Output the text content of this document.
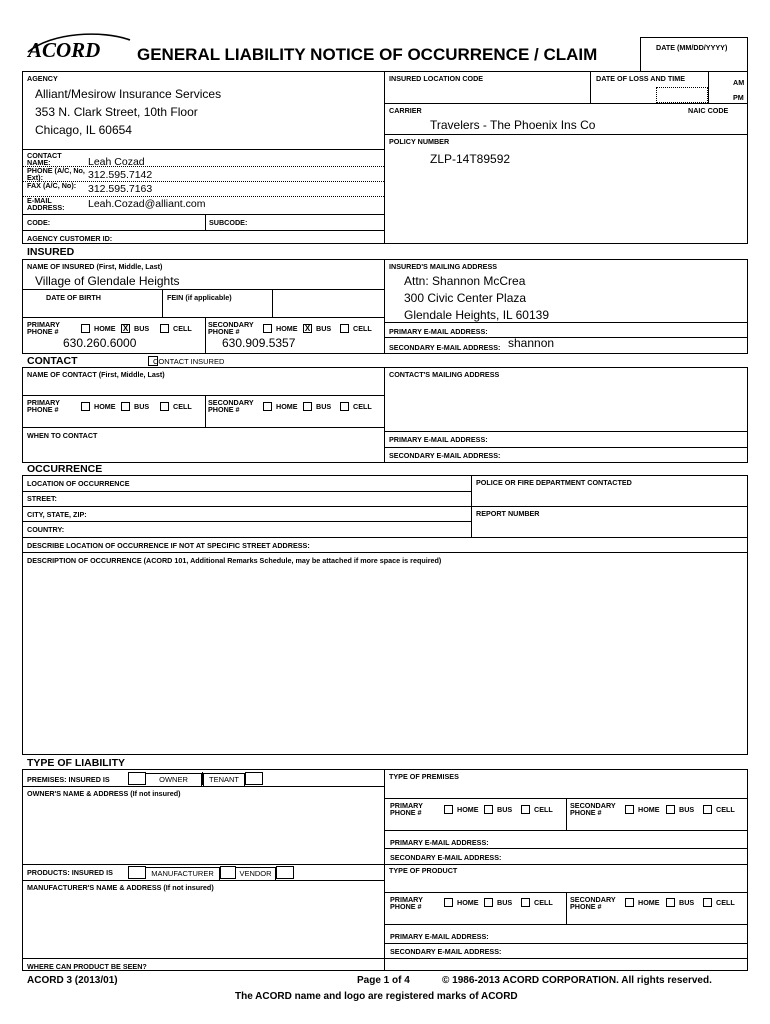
ACORD GENERAL LIABILITY NOTICE OF OCCURRENCE / CLAIM	DATE (MM/DD/YYYY)
AGENCY
Alliant/Mesirow Insurance Services
353 N. Clark Street, 10th Floor
Chicago, IL 60654
CONTACT NAME:	Leah Cozad
PHONE (A/C, No, Ext):	312.595.7142
FAX (A/C, No):	312.595.7163
E-MAIL ADDRESS:	Leah.Cozad@alliant.com
CODE:	SUBCODE:
AGENCY CUSTOMER ID:
INSURED LOCATION CODE	DATE OF LOSS AND TIME	AM
PM
CARRIER	NAIC CODE
Travelers - The Phoenix Ins Co
POLICY NUMBER
ZLP-14T89592
INSURED
NAME OF INSURED (First, Middle, Last)
Village of Glendale Heights
DATE OF BIRTH	FEIN (if applicable)
PRIMARY PHONE #	HOME X BUS	CELL SECONDARY PHONE #	HOME X BUS	CELL
630.260.6000	630.909.5357
INSURED'S MAILING ADDRESS
Attn: Shannon McCrea
300 Civic Center Plaza
Glendale Heights, IL 60139
PRIMARY E-MAIL ADDRESS:
SECONDARY E-MAIL ADDRESS: shannon
CONTACT	CONTACT INSURED
NAME OF CONTACT (First, Middle, Last)
PRIMARY PHONE #	HOME	BUS	CELL SECONDARY PHONE #	HOME	BUS	CELL
WHEN TO CONTACT
CONTACT'S MAILING ADDRESS
PRIMARY E-MAIL ADDRESS:
SECONDARY E-MAIL ADDRESS:
OCCURRENCE
LOCATION OF OCCURRENCE	POLICE OR FIRE DEPARTMENT CONTACTED
STREET:
CITY, STATE, ZIP:	REPORT NUMBER
COUNTRY:
DESCRIBE LOCATION OF OCCURRENCE IF NOT AT SPECIFIC STREET ADDRESS:
DESCRIPTION OF OCCURRENCE (ACORD 101, Additional Remarks Schedule, may be attached if more space is required)
TYPE OF LIABILITY
PREMISES: INSURED IS	OWNER	TENANT
OWNER'S NAME & ADDRESS (If not insured)
TYPE OF PREMISES
PRIMARY PHONE #	HOME	BUS	CELL SECONDARY PHONE #	HOME	BUS	CELL
PRIMARY E-MAIL ADDRESS:
SECONDARY E-MAIL ADDRESS:
PRODUCTS: INSURED IS	MANUFACTURER	VENDOR
MANUFACTURER'S NAME & ADDRESS (If not insured)
TYPE OF PRODUCT
PRIMARY PHONE #	HOME	BUS	CELL SECONDARY PHONE #	HOME	BUS	CELL
PRIMARY E-MAIL ADDRESS:
SECONDARY E-MAIL ADDRESS:
WHERE CAN PRODUCT BE SEEN?
ACORD 3 (2013/01)	Page 1 of 4	© 1986-2013 ACORD CORPORATION. All rights reserved.
The ACORD name and logo are registered marks of ACORD
